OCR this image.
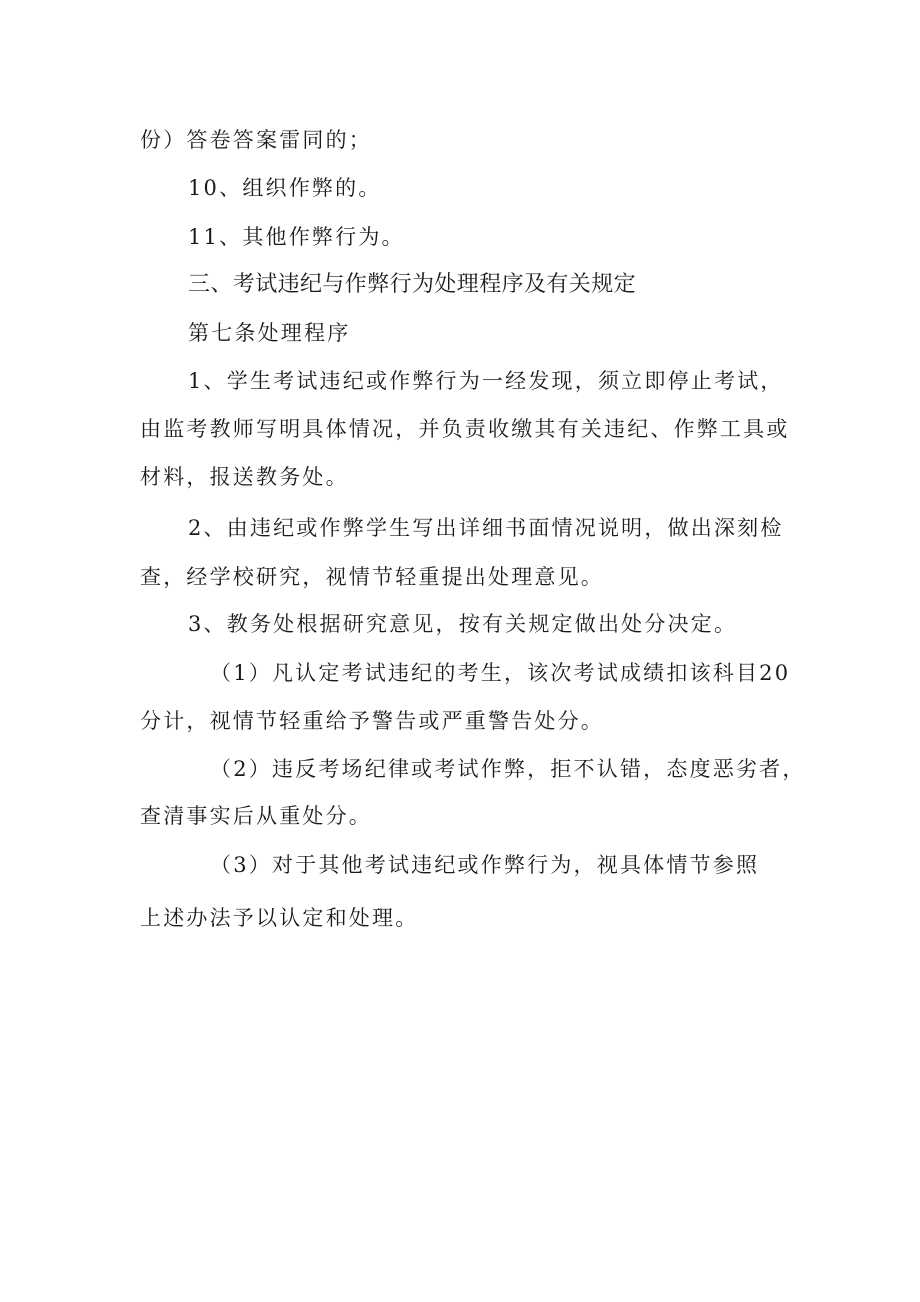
份）答卷答案雷同的；
10、组织作弊的。
11、其他作弊行为。
三、考试违纪与作弊行为处理程序及有关规定
第七条处理程序
1、学生考试违纪或作弊行为一经发现，须立即停止考试，
由监考教师写明具体情况，并负责收缴其有关违纪、作弊工具或
材料，报送教务处。
2、由违纪或作弊学生写出详细书面情况说明，做出深刻检
查，经学校研究，视情节轻重提出处理意见。
3、教务处根据研究意见，按有关规定做出处分决定。
（1）凡认定考试违纪的考生，该次考试成绩扣该科目20
分计，视情节轻重给予警告或严重警告处分。
（2）违反考场纪律或考试作弊，拒不认错，态度恶劣者，
查清事实后从重处分。
（3）对于其他考试违纪或作弊行为，视具体情节参照
上述办法予以认定和处理。
